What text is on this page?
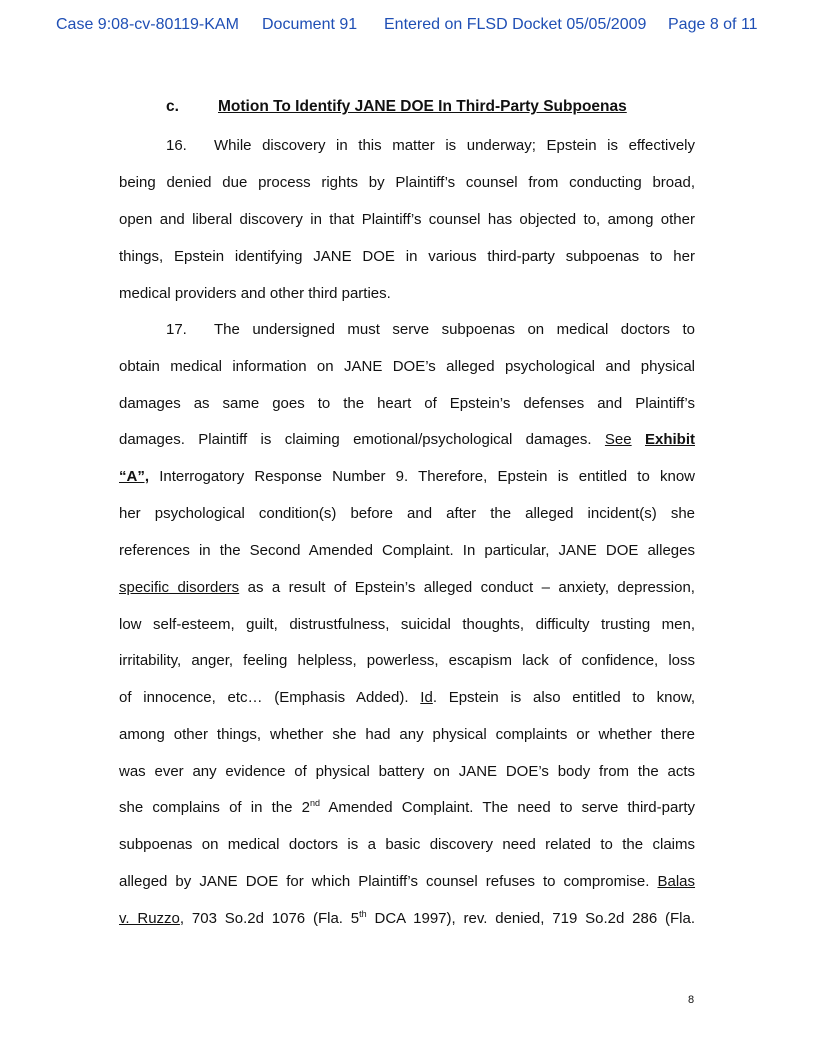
Case 9:08-cv-80119-KAM Document 91 Entered on FLSD Docket 05/05/2009 Page 8 of 11
c.	Motion To Identify JANE DOE In Third-Party Subpoenas
16. While discovery in this matter is underway; Epstein is effectively
being denied due process rights by Plaintiff’s counsel from conducting broad,
open and liberal discovery in that Plaintiff’s counsel has objected to, among other
things, Epstein identifying JANE DOE in various third-party subpoenas to her
medical providers and other third parties.
17. The undersigned must serve subpoenas on medical doctors to
obtain medical information on JANE DOE’s alleged psychological and physical
damages as same goes to the heart of Epstein’s defenses and Plaintiff’s
damages. Plaintiff is claiming emotional/psychological damages. See Exhibit
“A”, Interrogatory Response Number 9. Therefore, Epstein is entitled to know
her psychological condition(s) before and after the alleged incident(s) she
references in the Second Amended Complaint. In particular, JANE DOE alleges
specific disorders as a result of Epstein’s alleged conduct – anxiety, depression,
low self-esteem, guilt, distrustfulness, suicidal thoughts, difficulty trusting men,
irritability, anger, feeling helpless, powerless, escapism lack of confidence, loss
of innocence, etc… (Emphasis Added). Id. Epstein is also entitled to know,
among other things, whether she had any physical complaints or whether there
was ever any evidence of physical battery on JANE DOE’s body from the acts
she complains of in the 2nd Amended Complaint. The need to serve third-party
subpoenas on medical doctors is a basic discovery need related to the claims
alleged by JANE DOE for which Plaintiff’s counsel refuses to compromise. Balas
v. Ruzzo, 703 So.2d 1076 (Fla. 5th DCA 1997), rev. denied, 719 So.2d 286 (Fla.
8
